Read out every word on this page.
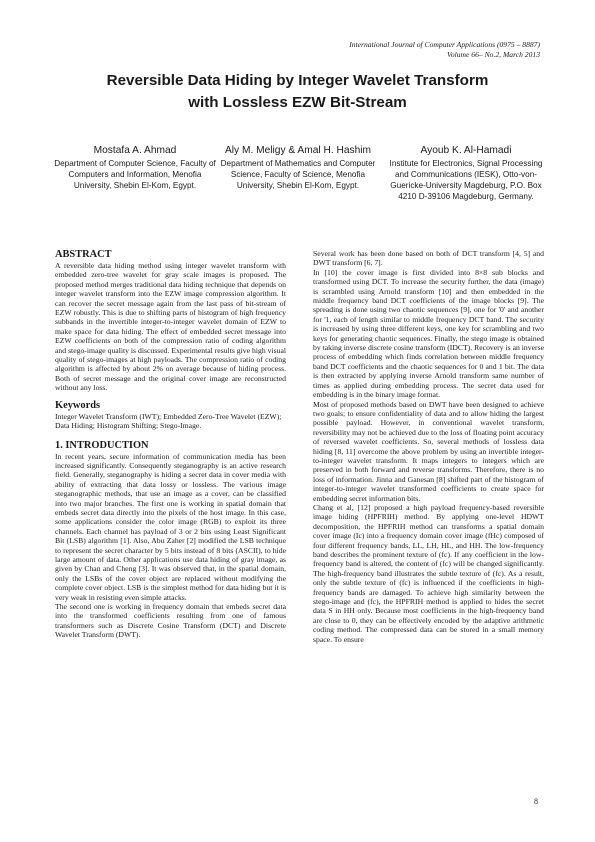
International Journal of Computer Applications (0975 – 8887)
Volume 66– No.2, March 2013
Reversible Data Hiding by Integer Wavelet Transform
with Lossless EZW Bit-Stream
Mostafa A. Ahmad
Department of Computer Science, Faculty of Computers and Information, Menofia University, Shebin El-Kom, Egypt.
Aly M. Meligy & Amal H. Hashim
Department of Mathematics and Computer Science, Faculty of Science, Menofia University, Shebin El-Kom, Egypt.
Ayoub K. Al-Hamadi
Institute for Electronics, Signal Processing and Communications (IESK), Otto-von-Guericke-University Magdeburg, P.O. Box 4210 D-39106 Magdeburg, Germany.
ABSTRACT

A reversible data hiding method using integer wavelet transform with embedded zero-tree wavelet for gray scale images is proposed. The proposed method merges traditional data hiding technique that depends on integer wavelet transform into the EZW image compression algorithm. It can recover the secret message again from the last pass of bit-stream of EZW robustly. This is due to shifting parts of histogram of high frequency subbands in the invertible integer-to-integer wavelet domain of EZW to make space for data hiding. The effect of embedded secret message into EZW coefficients on both of the compression ratio of coding algorithm and stego-image quality is discussed. Experimental results give high visual quality of stego-images at high payloads. The compression ratio of coding algorithm is affected by about 2% on average because of hiding process. Both of secret message and the original cover image are reconstructed without any loss.

Keywords

Integer Wavelet Transform (IWT); Embedded Zero-Tree Wavelet (EZW); Data Hiding; Histogram Shifting; Stego-Image.

1. INTRODUCTION

In recent years, secure information of communication media has been increased significantly. Consequently steganography is an active research field. Generally, steganography is hiding a secret data in cover media with ability of extracting that data lossy or lossless. The various image steganographic methods, that use an image as a cover, can be classified into two major branches. The first one is working in spatial domain that embeds secret data directly into the pixels of the host image. In this case, some applications consider the color image (RGB) to exploit its three channels. Each channel has payload of 3 or 2 bits using Least Significant Bit (LSB) algorithm [1]. Also, Abu Zaher [2] modified the LSB technique to represent the secret character by 5 bits instead of 8 bits (ASCII), to hide large amount of data. Other applications use data hiding of gray image, as given by Chan and Cheng [3]. It was observed that, in the spatial domain, only the LSBs of the cover object are replaced without modifying the complete cover object. LSB is the simplest method for data hiding but it is very weak in resisting even simple attacks.

The second one is working in frequency domain that embeds secret data into the transformed coefficients resulting from one of famous transformers such as Discrete Cosine Transform (DCT) and Discrete Wavelet Transform (DWT).

Several work has been done based on both of DCT transform [4, 5] and DWT transform [6, 7].

In [10] the cover image is first divided into 8×8 sub blocks and transformed using DCT. To increase the security further, the data (image) is scrambled using Arnold transform [10] and then embedded in the middle frequency band DCT coefficients of the image blocks [9]. The spreading is done using two chaotic sequences [9], one for '0' and another for '1, each of length similar to middle frequency DCT band. The security is increased by using three different keys, one key for scrambling and two keys for generating chaotic sequences. Finally, the stego image is obtained by taking inverse discrete cosine transform (IDCT). Recovery is an inverse process of embedding which finds correlation between middle frequency band DCT coefficients and the chaotic sequences for 0 and 1 bit. The data is then extracted by applying inverse Arnold transform same number of times as applied during embedding process. The secret data used for embedding is in the binary image format.

Most of proposed methods based on DWT have been designed to achieve two goals; to ensure confidentiality of data and to allow hiding the largest possible payload. However, in conventional wavelet transform, reversibility may not be achieved due to the loss of floating point accuracy of reversed wavelet coefficients. So, several methods of lossless data hiding [8, 11] overcome the above problem by using an invertible integer-to-integer wavelet transform. It maps integers to integers which are preserved in both forward and reverse transforms. Therefore, there is no loss of information. Jinna and Ganesan [8] shifted part of the histogram of integer-to-integer wavelet transformed coefficients to create space for embedding secret information bits.

Chang et al, [12] proposed a high payload frequency-based reversible image hiding (HPFRIH) method. By applying one-level HDWT decomposition, the HPFRIH method can transforms a spatial domain cover image (Ic) into a frequency domain cover image (fHc) composed of four different frequency bands, LL, LH, HL, and HH. The low-frequency band describes the prominent texture of (fc). If any coefficient in the low-frequency band is altered, the content of (fc) will be changed significantly. The high-frequency band illustrates the subtle texture of (fc). As a result, only the subtle texture of (fc) is influenced if the coefficients in high-frequency bands are damaged. To achieve high similarity between the stego-image and (fc), the HPFRIH method is applied to hides the secret data S in HH only. Because most coefficients in the high-frequency band are close to 0, they can be effectively encoded by the adaptive arithmetic coding method. The compressed data can be stored in a small memory space. To ensure

8
